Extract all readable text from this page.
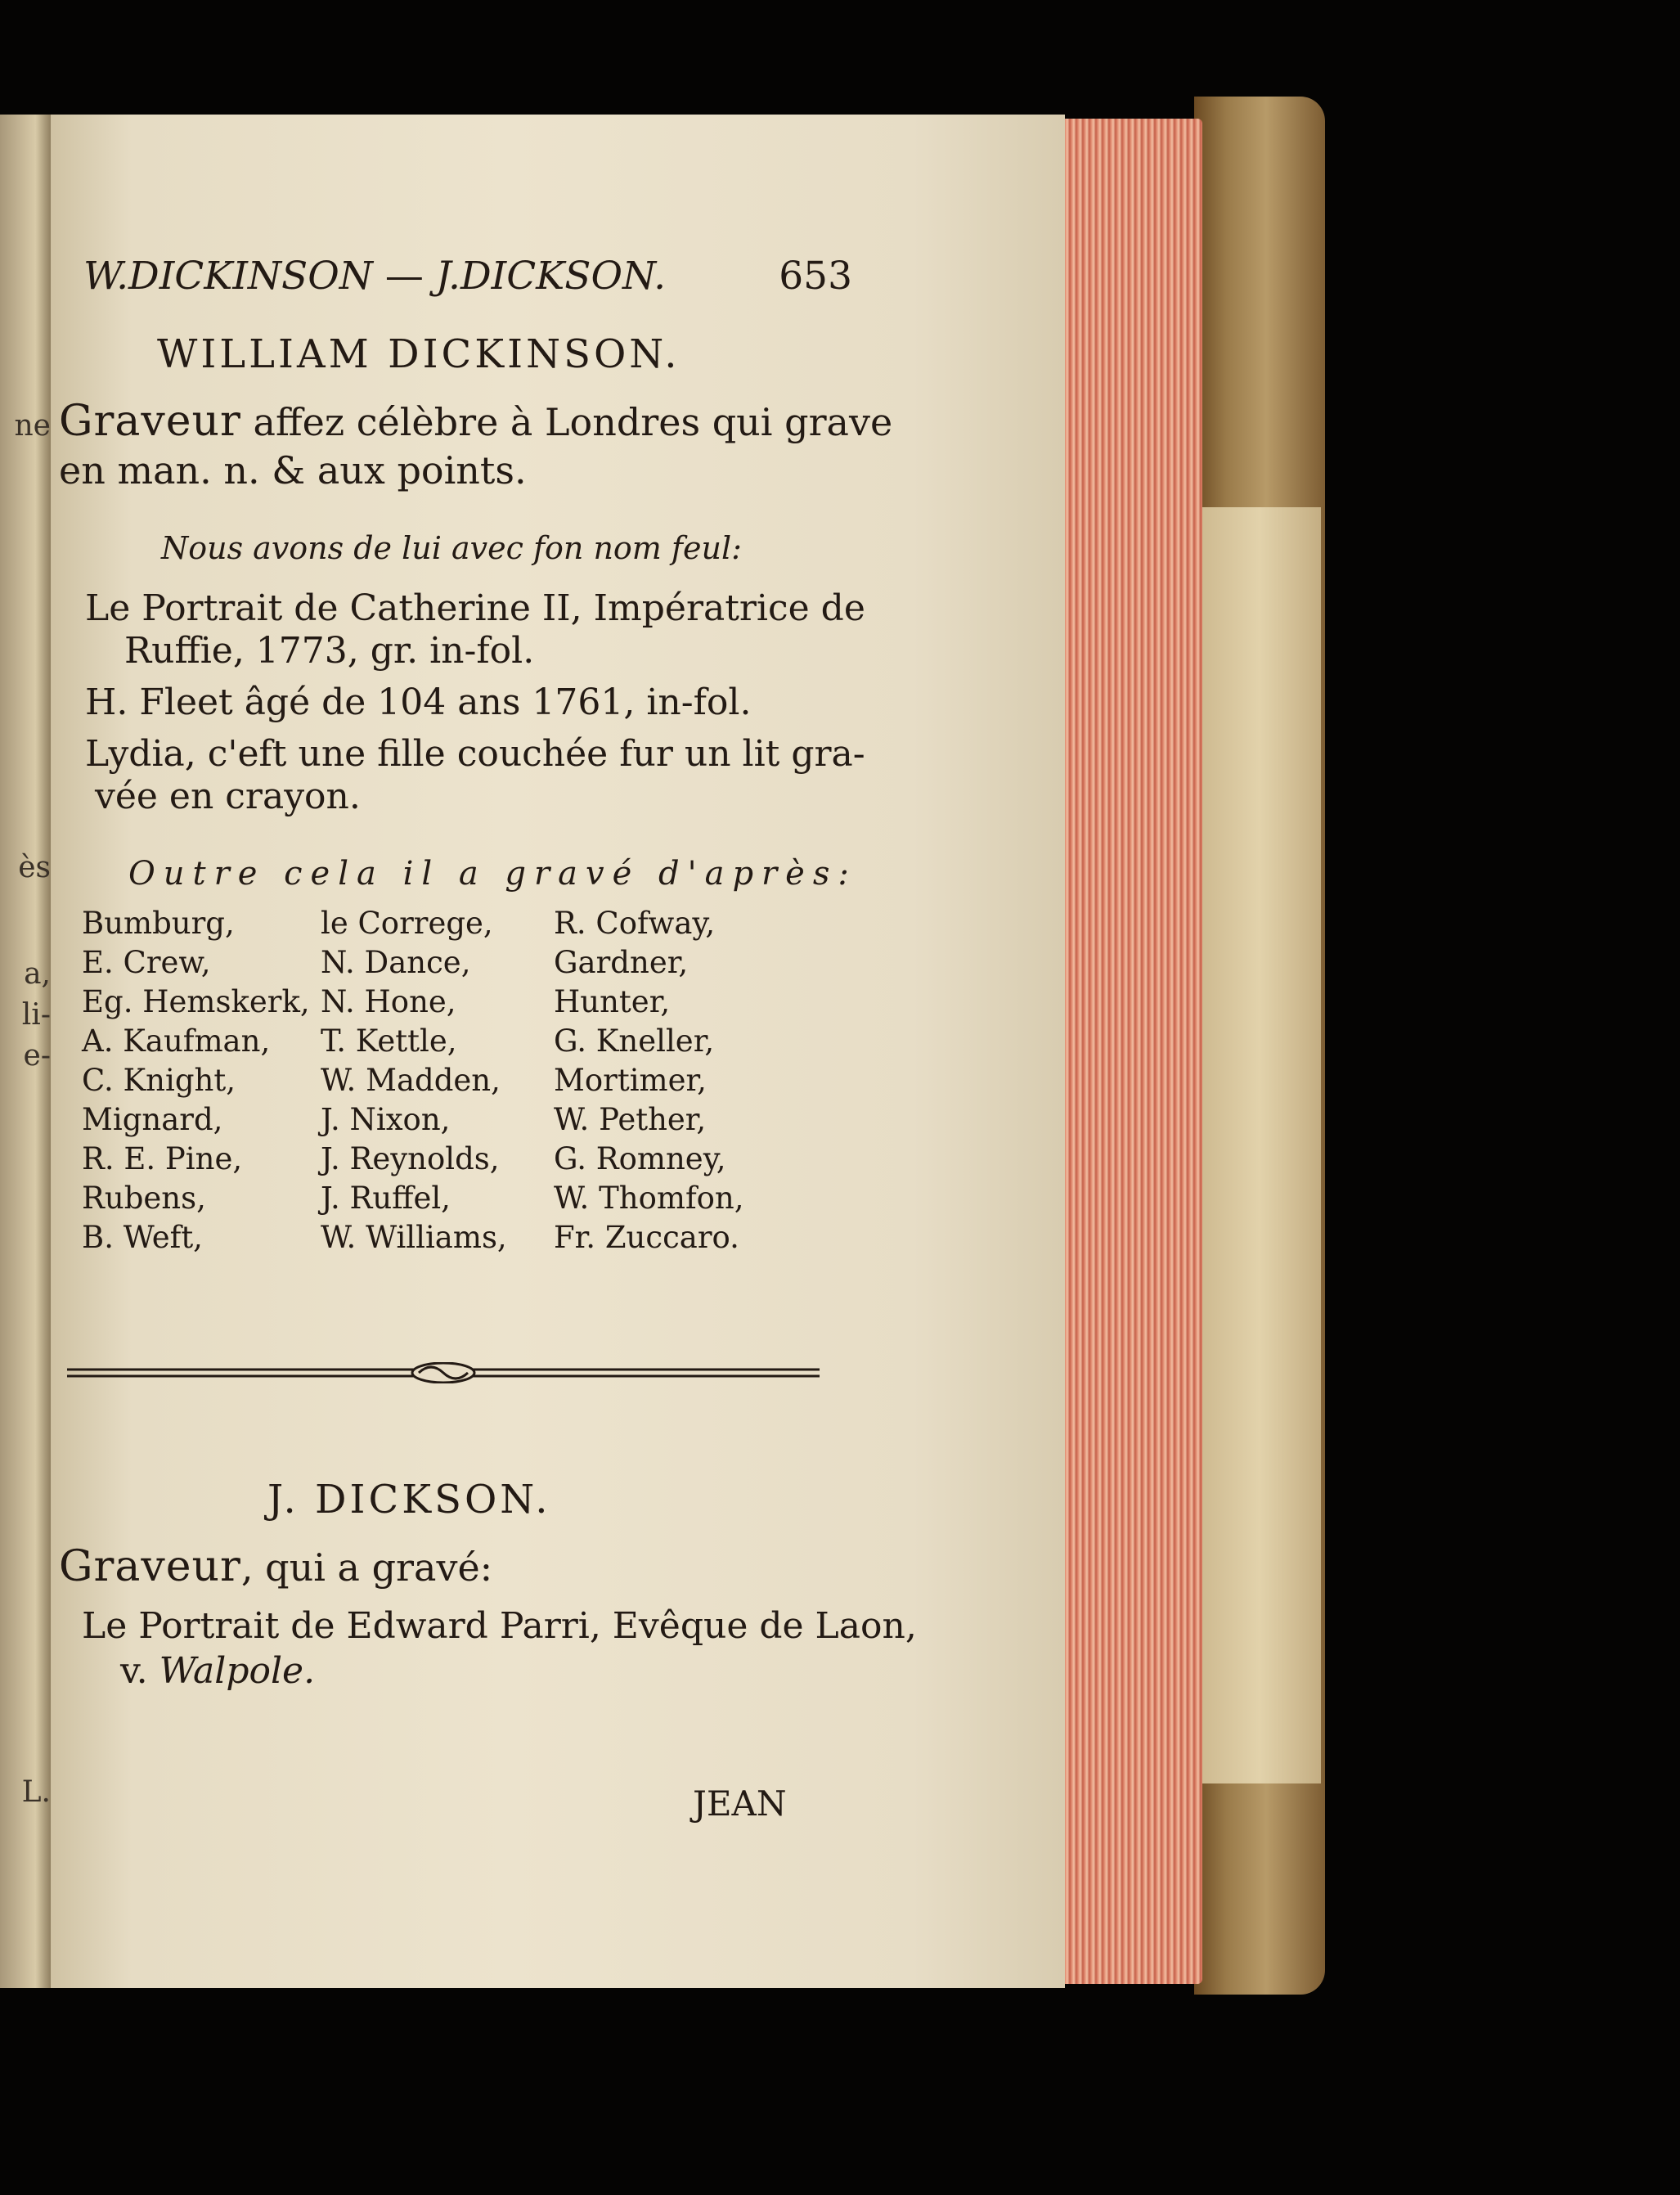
ne
ès
a,
li-
e-
L.
W.DICKINSON — J.DICKSON.	653
WILLIAM DICKINSON.
Graveur affez célèbre à Londres qui grave
en man. n. & aux points.
Nous avons de lui avec fon nom feul:
Le Portrait de Catherine II, Impératrice de
Ruffie, 1773, gr. in-fol.
H. Fleet âgé de 104 ans 1761, in-fol.
Lydia, c'eft une fille couchée fur un lit gra-
vée en crayon.
Outre cela il a gravé d'après:
Bumburg,
E. Crew,
Eg. Hemskerk,
A. Kaufman,
C. Knight,
Mignard,
R. E. Pine,
Rubens,
B. Weft,
le Correge,
N. Dance,
N. Hone,
T. Kettle,
W. Madden,
J. Nixon,
J. Reynolds,
J. Ruffel,
W. Williams,
R. Cofway,
Gardner,
Hunter,
G. Kneller,
Mortimer,
W. Pether,
G. Romney,
W. Thomfon,
Fr. Zuccaro.
J. DICKSON.
Graveur, qui a gravé:
Le Portrait de Edward Parri, Evêque de Laon,
v. Walpole.
JEAN
